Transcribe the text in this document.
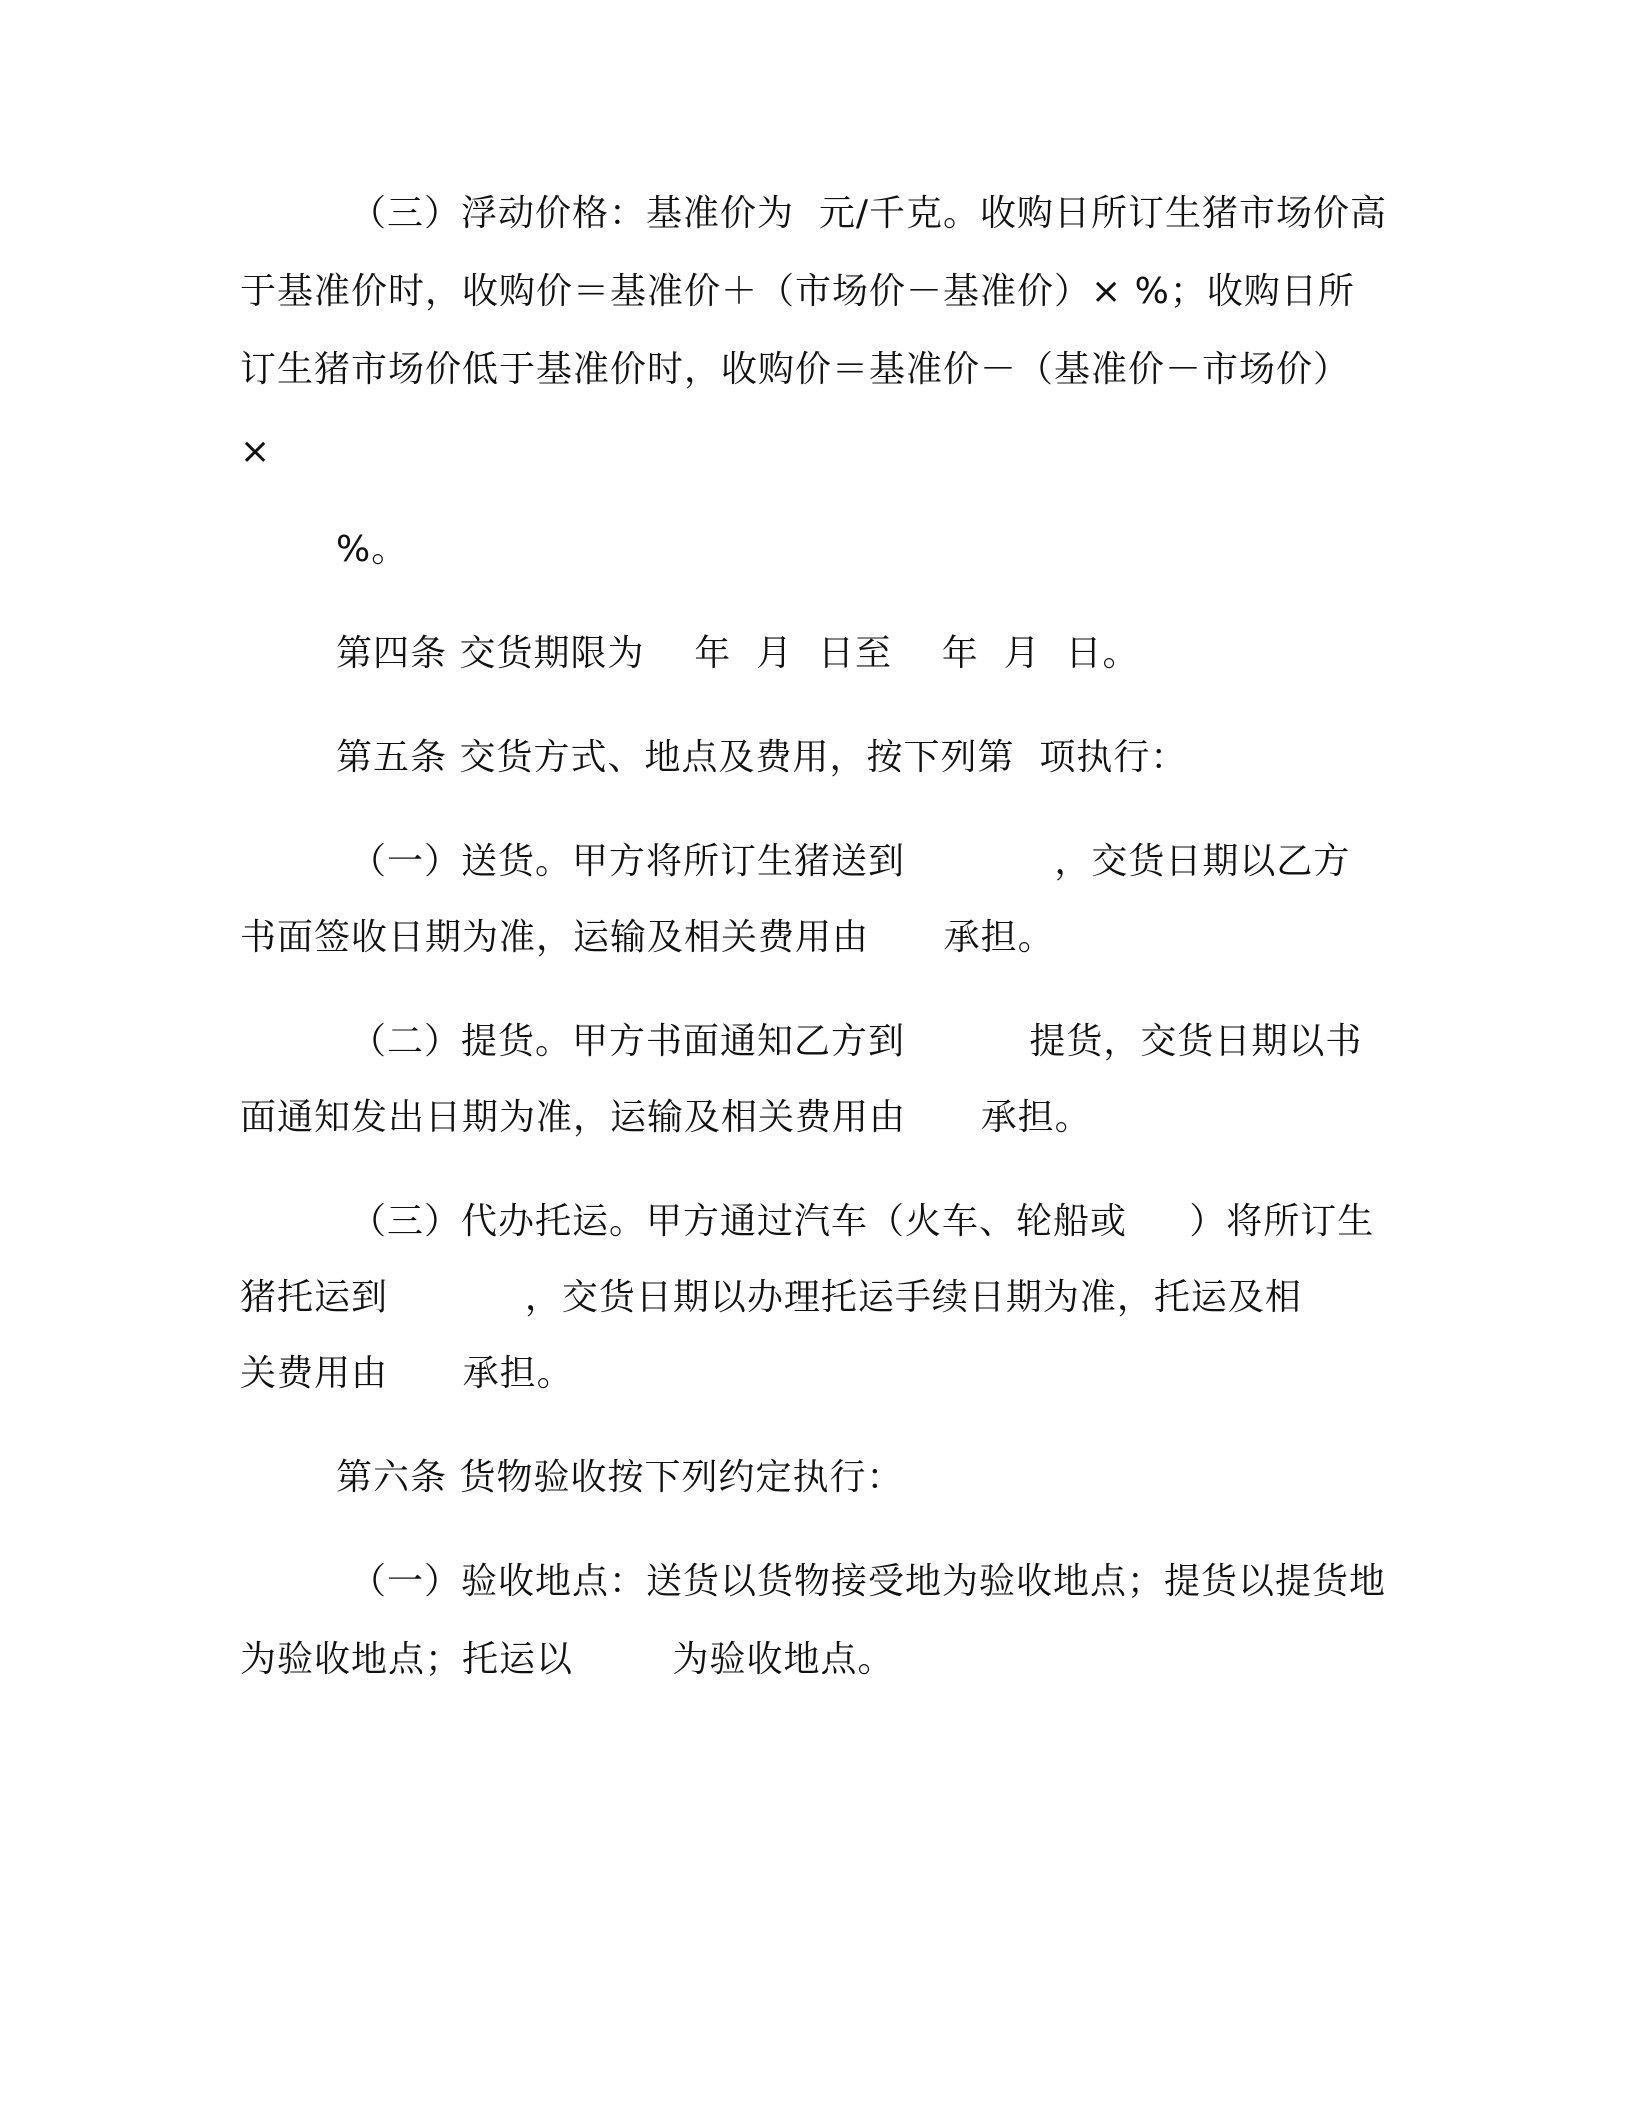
（三）浮动价格：基准价为  元/千克。收购日所订生猪市场价高
于基准价时，收购价＝基准价＋（市场价－基准价）× %；收购日所
订生猪市场价低于基准价时，收购价＝基准价－（基准价－市场价）
×
%。
第四条 交货期限为    年  月  日至    年  月  日。
第五条 交货方式、地点及费用，按下列第  项执行：
（一）送货。甲方将所订生猪送到            ，交货日期以乙方
书面签收日期为准，运输及相关费用由      承担。
（二）提货。甲方书面通知乙方到          提货，交货日期以书
面通知发出日期为准，运输及相关费用由      承担。
（三）代办托运。甲方通过汽车（火车、轮船或     ）将所订生
猪托运到           ，交货日期以办理托运手续日期为准，托运及相
关费用由      承担。
第六条 货物验收按下列约定执行：
（一）验收地点：送货以货物接受地为验收地点；提货以提货地
为验收地点；托运以        为验收地点。
